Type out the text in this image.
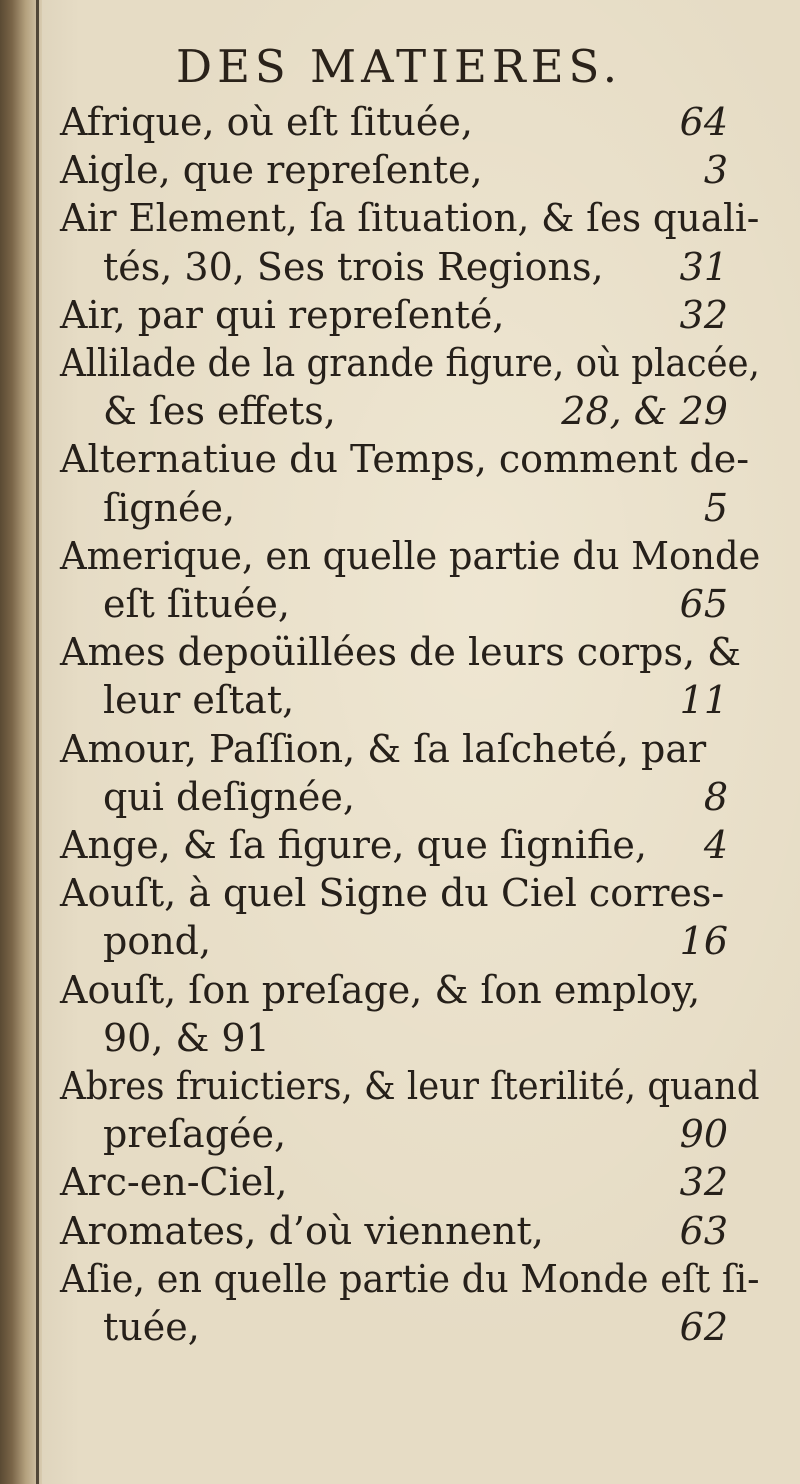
DES MATIERES.
Afrique, où eſt ſituée,	64
Aigle, que repreſente,	3
Air Element, ſa ſituation, & ſes quali-
tés, 30, Ses trois Regions, 31
Air, par qui repreſenté,	32
Allilade de la grande figure, où placée,
& ſes effets,	28, & 29
Alternatiue du Temps, comment de-
ſignée,	5
Amerique, en quelle partie du Monde
eſt ſituée,	65
Ames depoüillées de leurs corps, &
leur eſtat,	11
Amour, Paſſion, & ſa laſcheté, par
qui deſignée,	8
Ange, & ſa figure, que ſignifie, 4
Aouſt, à quel Signe du Ciel corres-
pond,	16
Aouſt, ſon preſage, & ſon employ,
90, & 91
Abres fruictiers, & leur ſterilité, quand
preſagée,	90
Arc-en-Ciel,	32
Aromates, d’où viennent,	63
Aſie, en quelle partie du Monde eſt ſi-
tuée,	62
